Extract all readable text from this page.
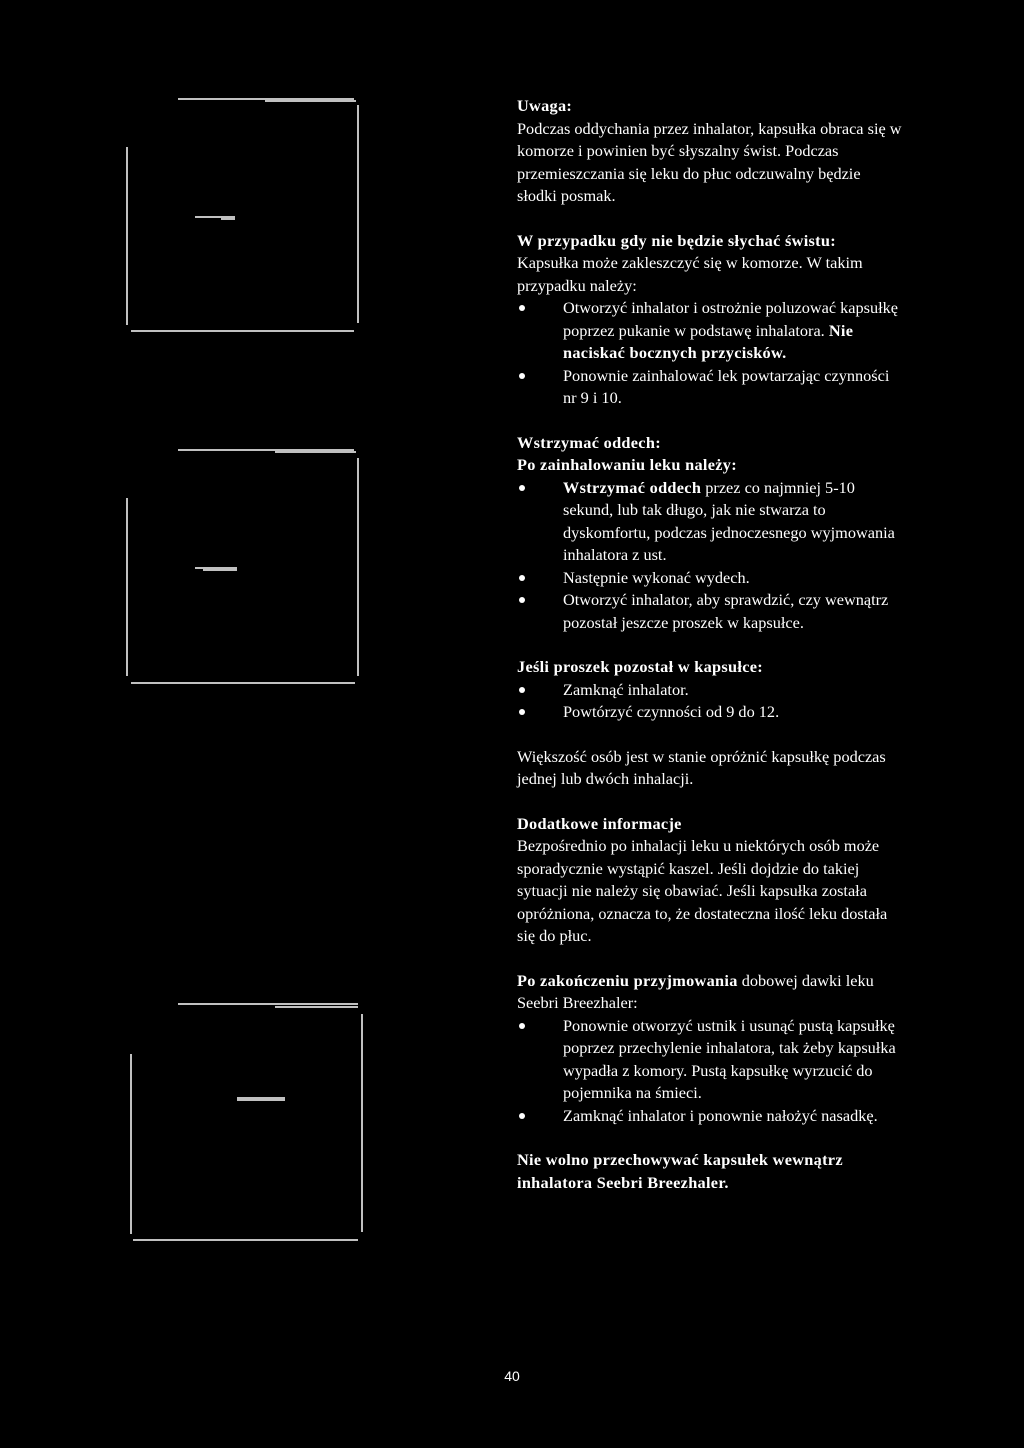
Uwaga:

Podczas oddychania przez inhalator, kapsułka obraca się w komorze i powinien być słyszalny świst. Podczas przemieszczania się leku do płuc odczuwalny będzie słodki posmak.

W przypadku gdy nie będzie słychać świstu:

Kapsułka może zakleszczyć się w komorze. W takim przypadku należy:

Otworzyć inhalator i ostrożnie poluzować kapsułkę poprzez pukanie w podstawę inhalatora. Nie naciskać bocznych przycisków.
Ponownie zainhalować lek powtarzając czynności nr 9 i 10.

Wstrzymać oddech:

Po zainhalowaniu leku należy:

Wstrzymać oddech przez co najmniej 5-10 sekund, lub tak długo, jak nie stwarza to dyskomfortu, podczas jednoczesnego wyjmowania inhalatora z ust.
Następnie wykonać wydech.
Otworzyć inhalator, aby sprawdzić, czy wewnątrz pozostał jeszcze proszek w kapsułce.

Jeśli proszek pozostał w kapsułce:

Zamknąć inhalator.
Powtórzyć czynności od 9 do 12.

Większość osób jest w stanie opróżnić kapsułkę podczas jednej lub dwóch inhalacji.

Dodatkowe informacje

Bezpośrednio po inhalacji leku u niektórych osób może sporadycznie wystąpić kaszel. Jeśli dojdzie do takiej sytuacji nie należy się obawiać. Jeśli kapsułka została opróżniona, oznacza to, że dostateczna ilość leku dostała się do płuc.

Po zakończeniu przyjmowania dobowej dawki leku Seebri Breezhaler:

Ponownie otworzyć ustnik i usunąć pustą kapsułkę poprzez przechylenie inhalatora, tak żeby kapsułka wypadła z komory. Pustą kapsułkę wyrzucić do pojemnika na śmieci.
Zamknąć inhalator i ponownie nałożyć nasadkę.

Nie wolno przechowywać kapsułek wewnątrz inhalatora Seebri Breezhaler.

40
